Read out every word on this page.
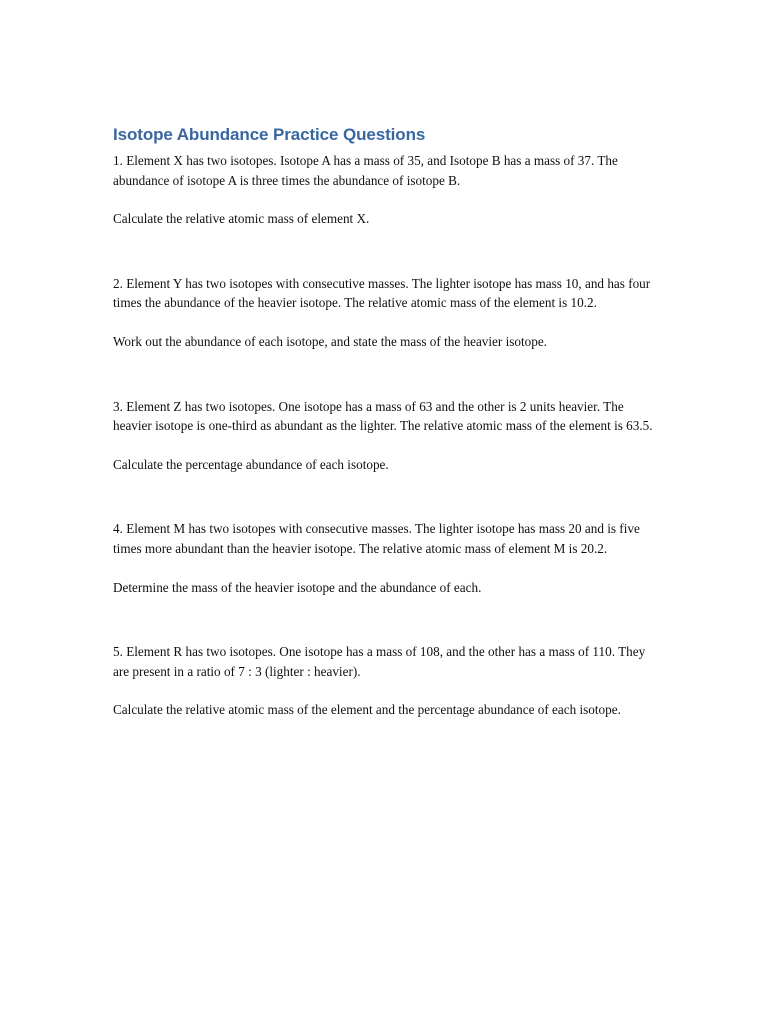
Isotope Abundance Practice Questions

1. Element X has two isotopes. Isotope A has a mass of 35, and Isotope B has a mass of 37. The abundance of isotope A is three times the abundance of isotope B.

Calculate the relative atomic mass of element X.

2. Element Y has two isotopes with consecutive masses. The lighter isotope has mass 10, and has four times the abundance of the heavier isotope. The relative atomic mass of the element is 10.2.

Work out the abundance of each isotope, and state the mass of the heavier isotope.

3. Element Z has two isotopes. One isotope has a mass of 63 and the other is 2 units heavier. The heavier isotope is one-third as abundant as the lighter. The relative atomic mass of the element is 63.5.

Calculate the percentage abundance of each isotope.

4. Element M has two isotopes with consecutive masses. The lighter isotope has mass 20 and is five times more abundant than the heavier isotope. The relative atomic mass of element M is 20.2.

Determine the mass of the heavier isotope and the abundance of each.

5. Element R has two isotopes. One isotope has a mass of 108, and the other has a mass of 110. They are present in a ratio of 7 : 3 (lighter : heavier).

Calculate the relative atomic mass of the element and the percentage abundance of each isotope.
